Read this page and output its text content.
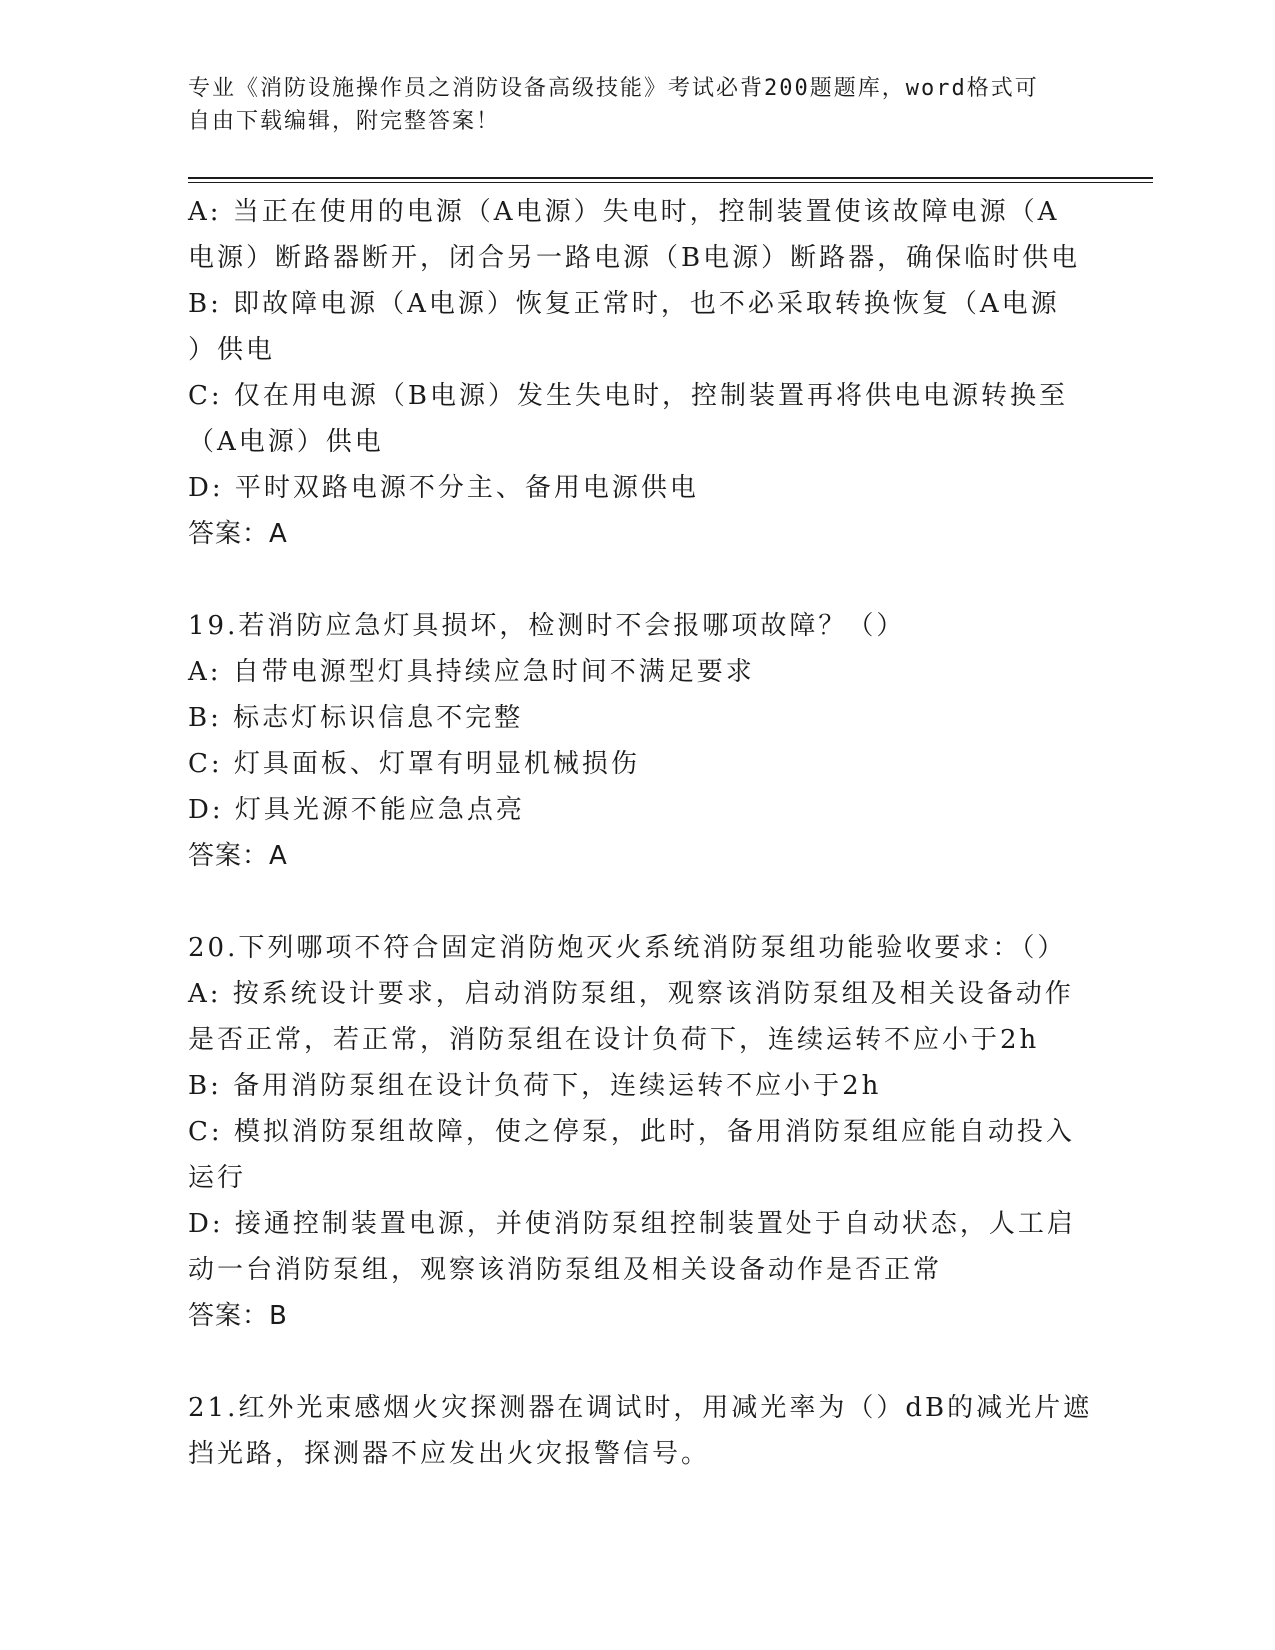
专业《消防设施操作员之消防设备高级技能》考试必背200题题库，word格式可
自由下载编辑，附完整答案！
A: 当正在使用的电源（A电源）失电时，控制装置使该故障电源（A
电源）断路器断开，闭合另一路电源（B电源）断路器，确保临时供电
B: 即故障电源（A电源）恢复正常时，也不必采取转换恢复（A电源
）供电
C: 仅在用电源（B电源）发生失电时，控制装置再将供电电源转换至
（A电源）供电
D: 平时双路电源不分主、备用电源供电
答案：A
19.若消防应急灯具损坏，检测时不会报哪项故障？（）
A: 自带电源型灯具持续应急时间不满足要求
B: 标志灯标识信息不完整
C: 灯具面板、灯罩有明显机械损伤
D: 灯具光源不能应急点亮
答案：A
20.下列哪项不符合固定消防炮灭火系统消防泵组功能验收要求：（）
A: 按系统设计要求，启动消防泵组，观察该消防泵组及相关设备动作
是否正常，若正常，消防泵组在设计负荷下，连续运转不应小于2h
B: 备用消防泵组在设计负荷下，连续运转不应小于2h
C: 模拟消防泵组故障，使之停泵，此时，备用消防泵组应能自动投入
运行
D: 接通控制装置电源，并使消防泵组控制装置处于自动状态，人工启
动一台消防泵组，观察该消防泵组及相关设备动作是否正常
答案：B
21.红外光束感烟火灾探测器在调试时，用减光率为（）dB的减光片遮
挡光路，探测器不应发出火灾报警信号。
